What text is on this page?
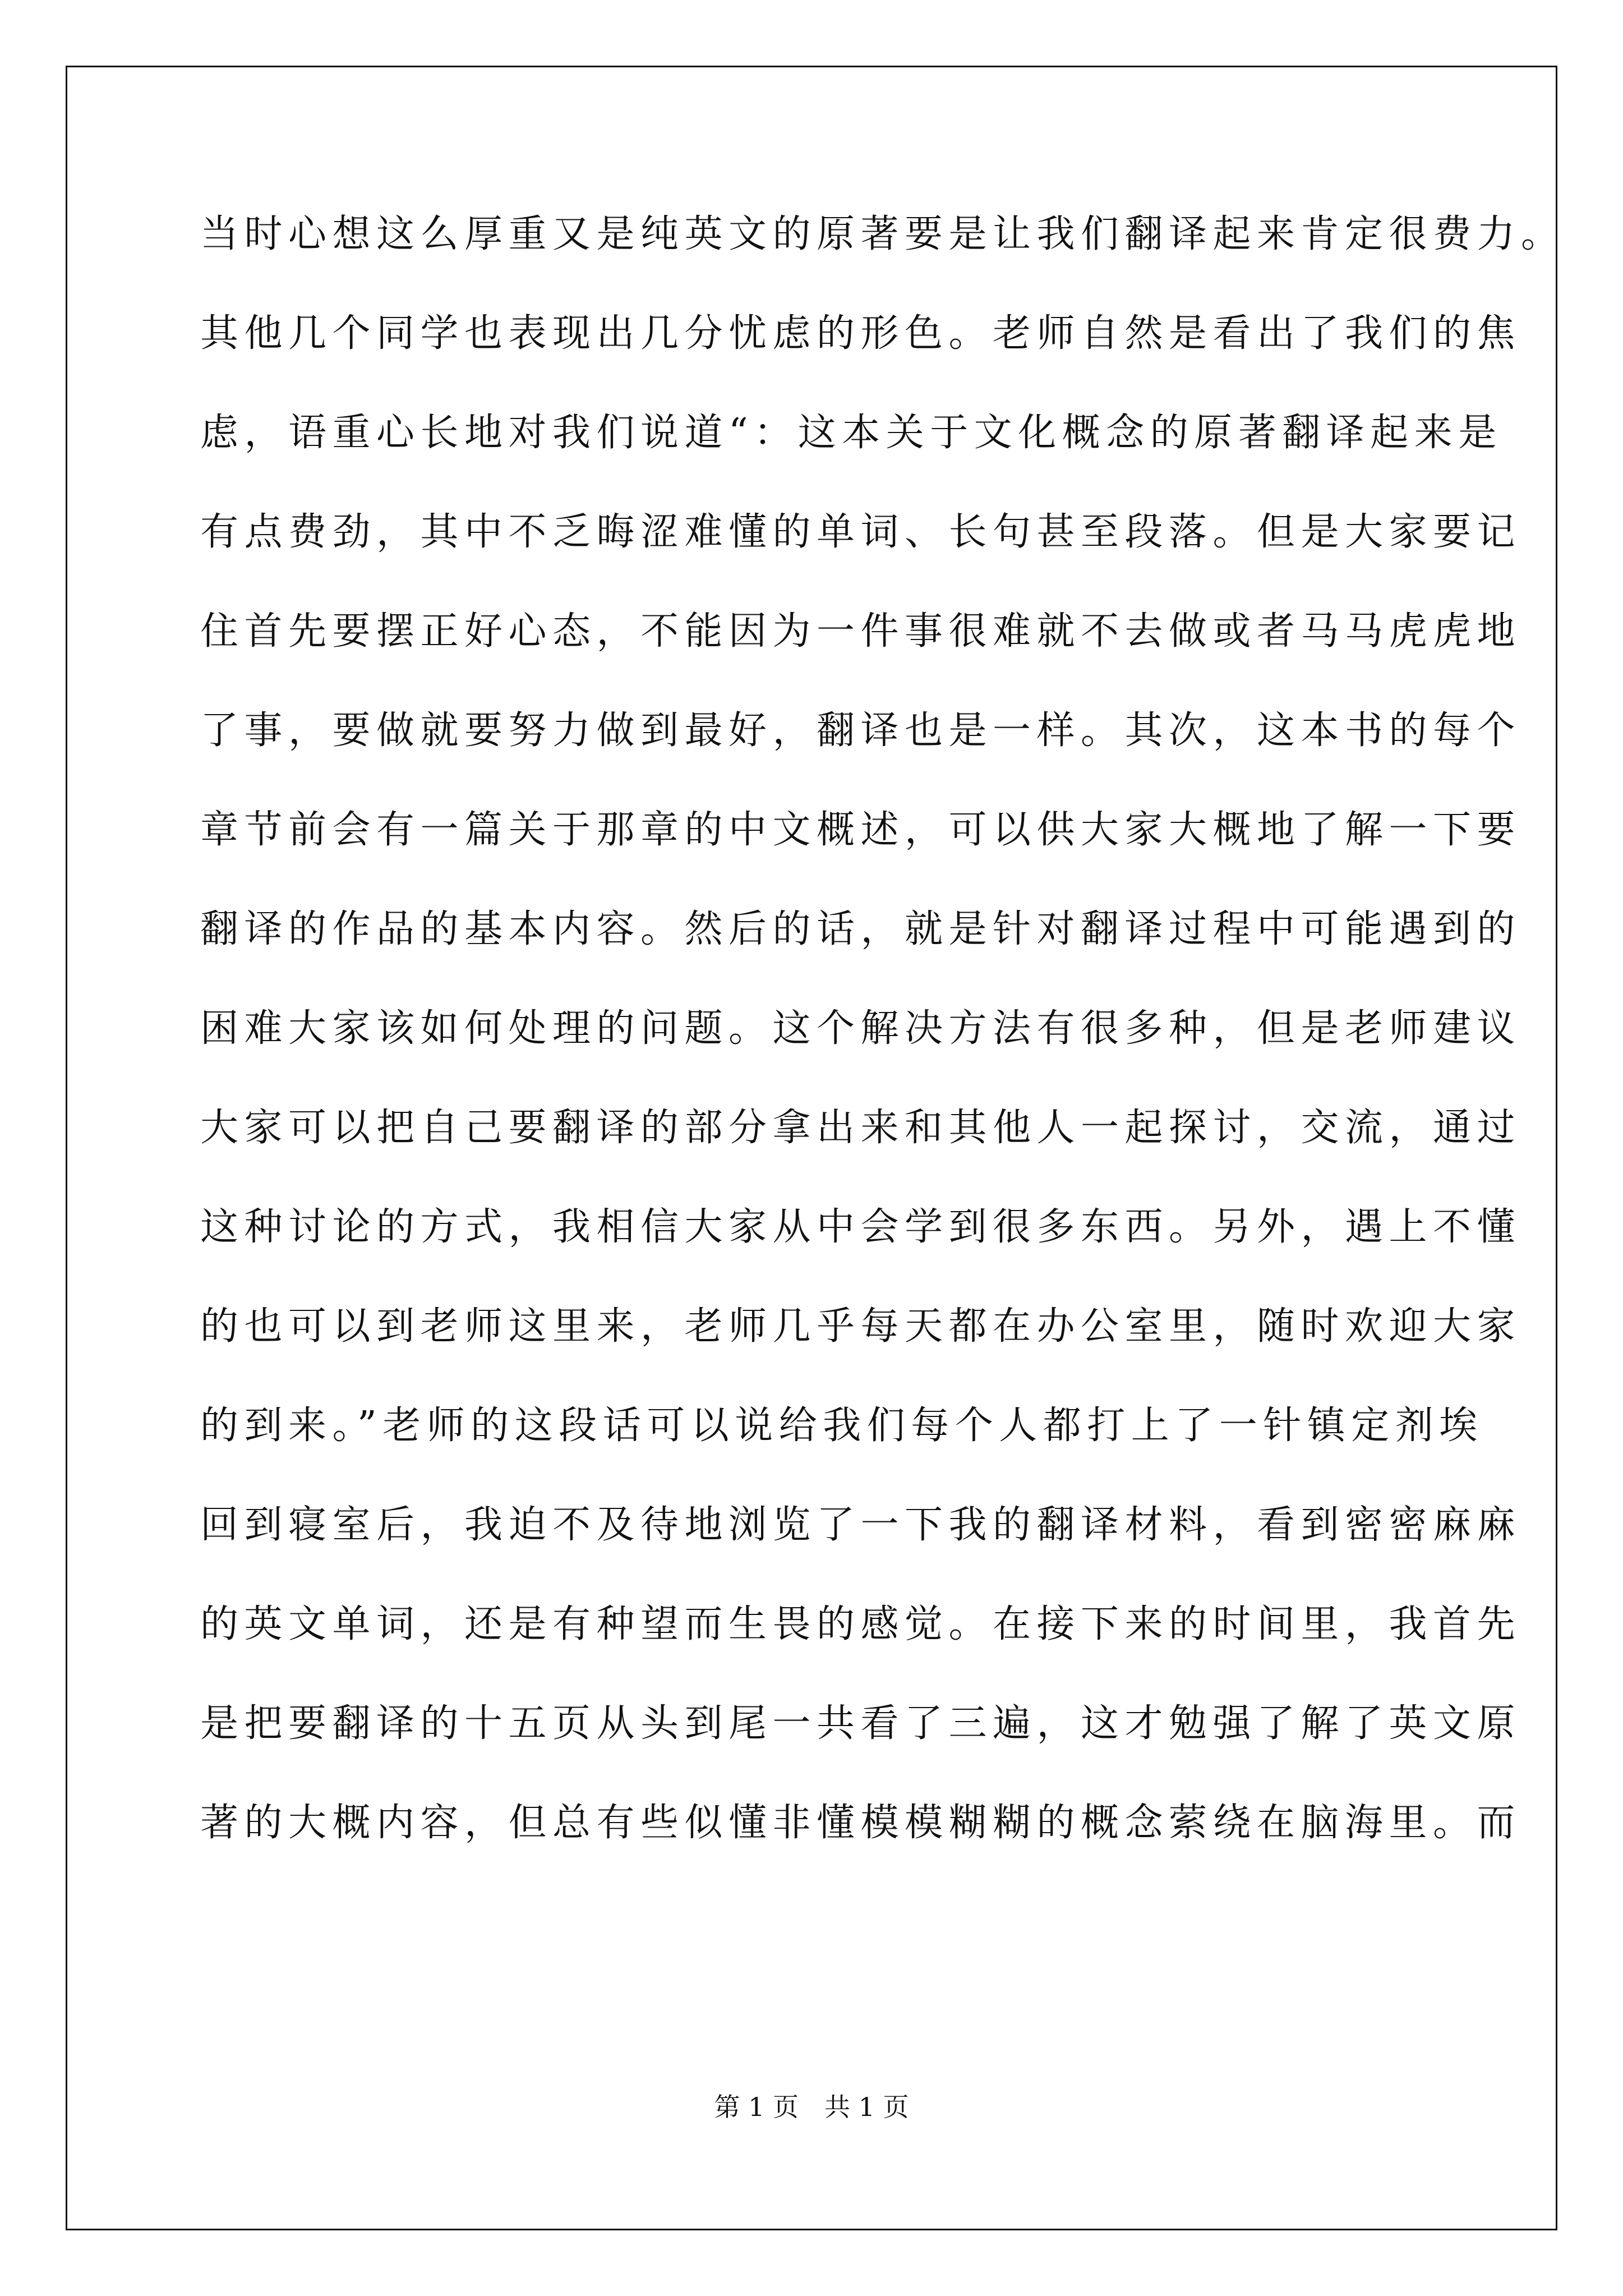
当时心想这么厚重又是纯英文的原著要是让我们翻译起来肯定很费力。
其他几个同学也表现出几分忧虑的形色。老师自然是看出了我们的焦
虑，语重心长地对我们说道“：这本关于文化概念的原著翻译起来是
有点费劲，其中不乏晦涩难懂的单词、长句甚至段落。但是大家要记
住首先要摆正好心态，不能因为一件事很难就不去做或者马马虎虎地
了事，要做就要努力做到最好，翻译也是一样。其次，这本书的每个
章节前会有一篇关于那章的中文概述，可以供大家大概地了解一下要
翻译的作品的基本内容。然后的话，就是针对翻译过程中可能遇到的
困难大家该如何处理的问题。这个解决方法有很多种，但是老师建议
大家可以把自己要翻译的部分拿出来和其他人一起探讨，交流，通过
这种讨论的方式，我相信大家从中会学到很多东西。另外，遇上不懂
的也可以到老师这里来，老师几乎每天都在办公室里，随时欢迎大家
的到来。”老师的这段话可以说给我们每个人都打上了一针镇定剂埃
回到寝室后，我迫不及待地浏览了一下我的翻译材料，看到密密麻麻
的英文单词，还是有种望而生畏的感觉。在接下来的时间里，我首先
是把要翻译的十五页从头到尾一共看了三遍，这才勉强了解了英文原
著的大概内容，但总有些似懂非懂模模糊糊的概念萦绕在脑海里。而
第 1 页　共 1 页
